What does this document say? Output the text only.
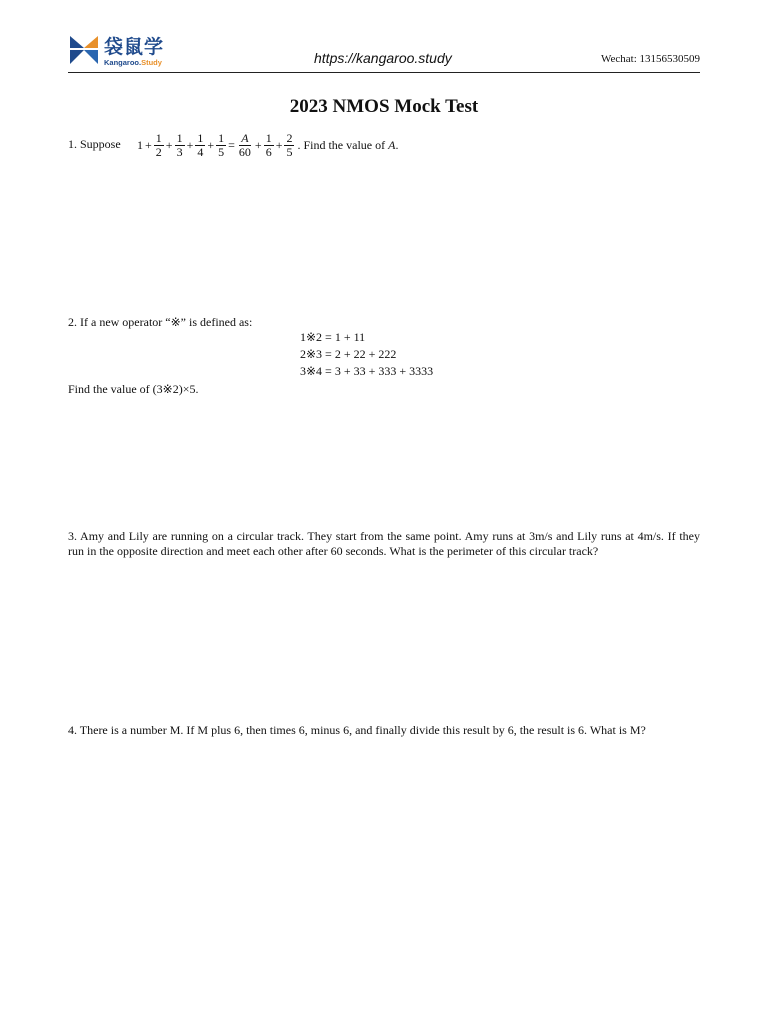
袋鼠学
Kangaroo.Study	https://kangaroo.study	Wechat: 13156530509
2023 NMOS Mock Test
1. Suppose $1 + \frac{1}{2} + \frac{1}{3} + \frac{1}{4} + \frac{1}{5} = \frac{A}{60} + \frac{1}{6} + \frac{2}{5}$ . Find the value of A.
2. If a new operator “※” is defined as:
1※2 = 1 + 11
2※3 = 2 + 22 + 222
3※4 = 3 + 33 + 333 + 3333
Find the value of (3※2)×5.
3. Amy and Lily are running on a circular track. They start from the same point. Amy runs at 3m/s and Lily runs at 4m/s. If they run in the opposite direction and meet each other after 60 seconds. What is the perimeter of this circular track?
4. There is a number M. If M plus 6, then times 6, minus 6, and finally divide this result by 6, the result is 6. What is M?
